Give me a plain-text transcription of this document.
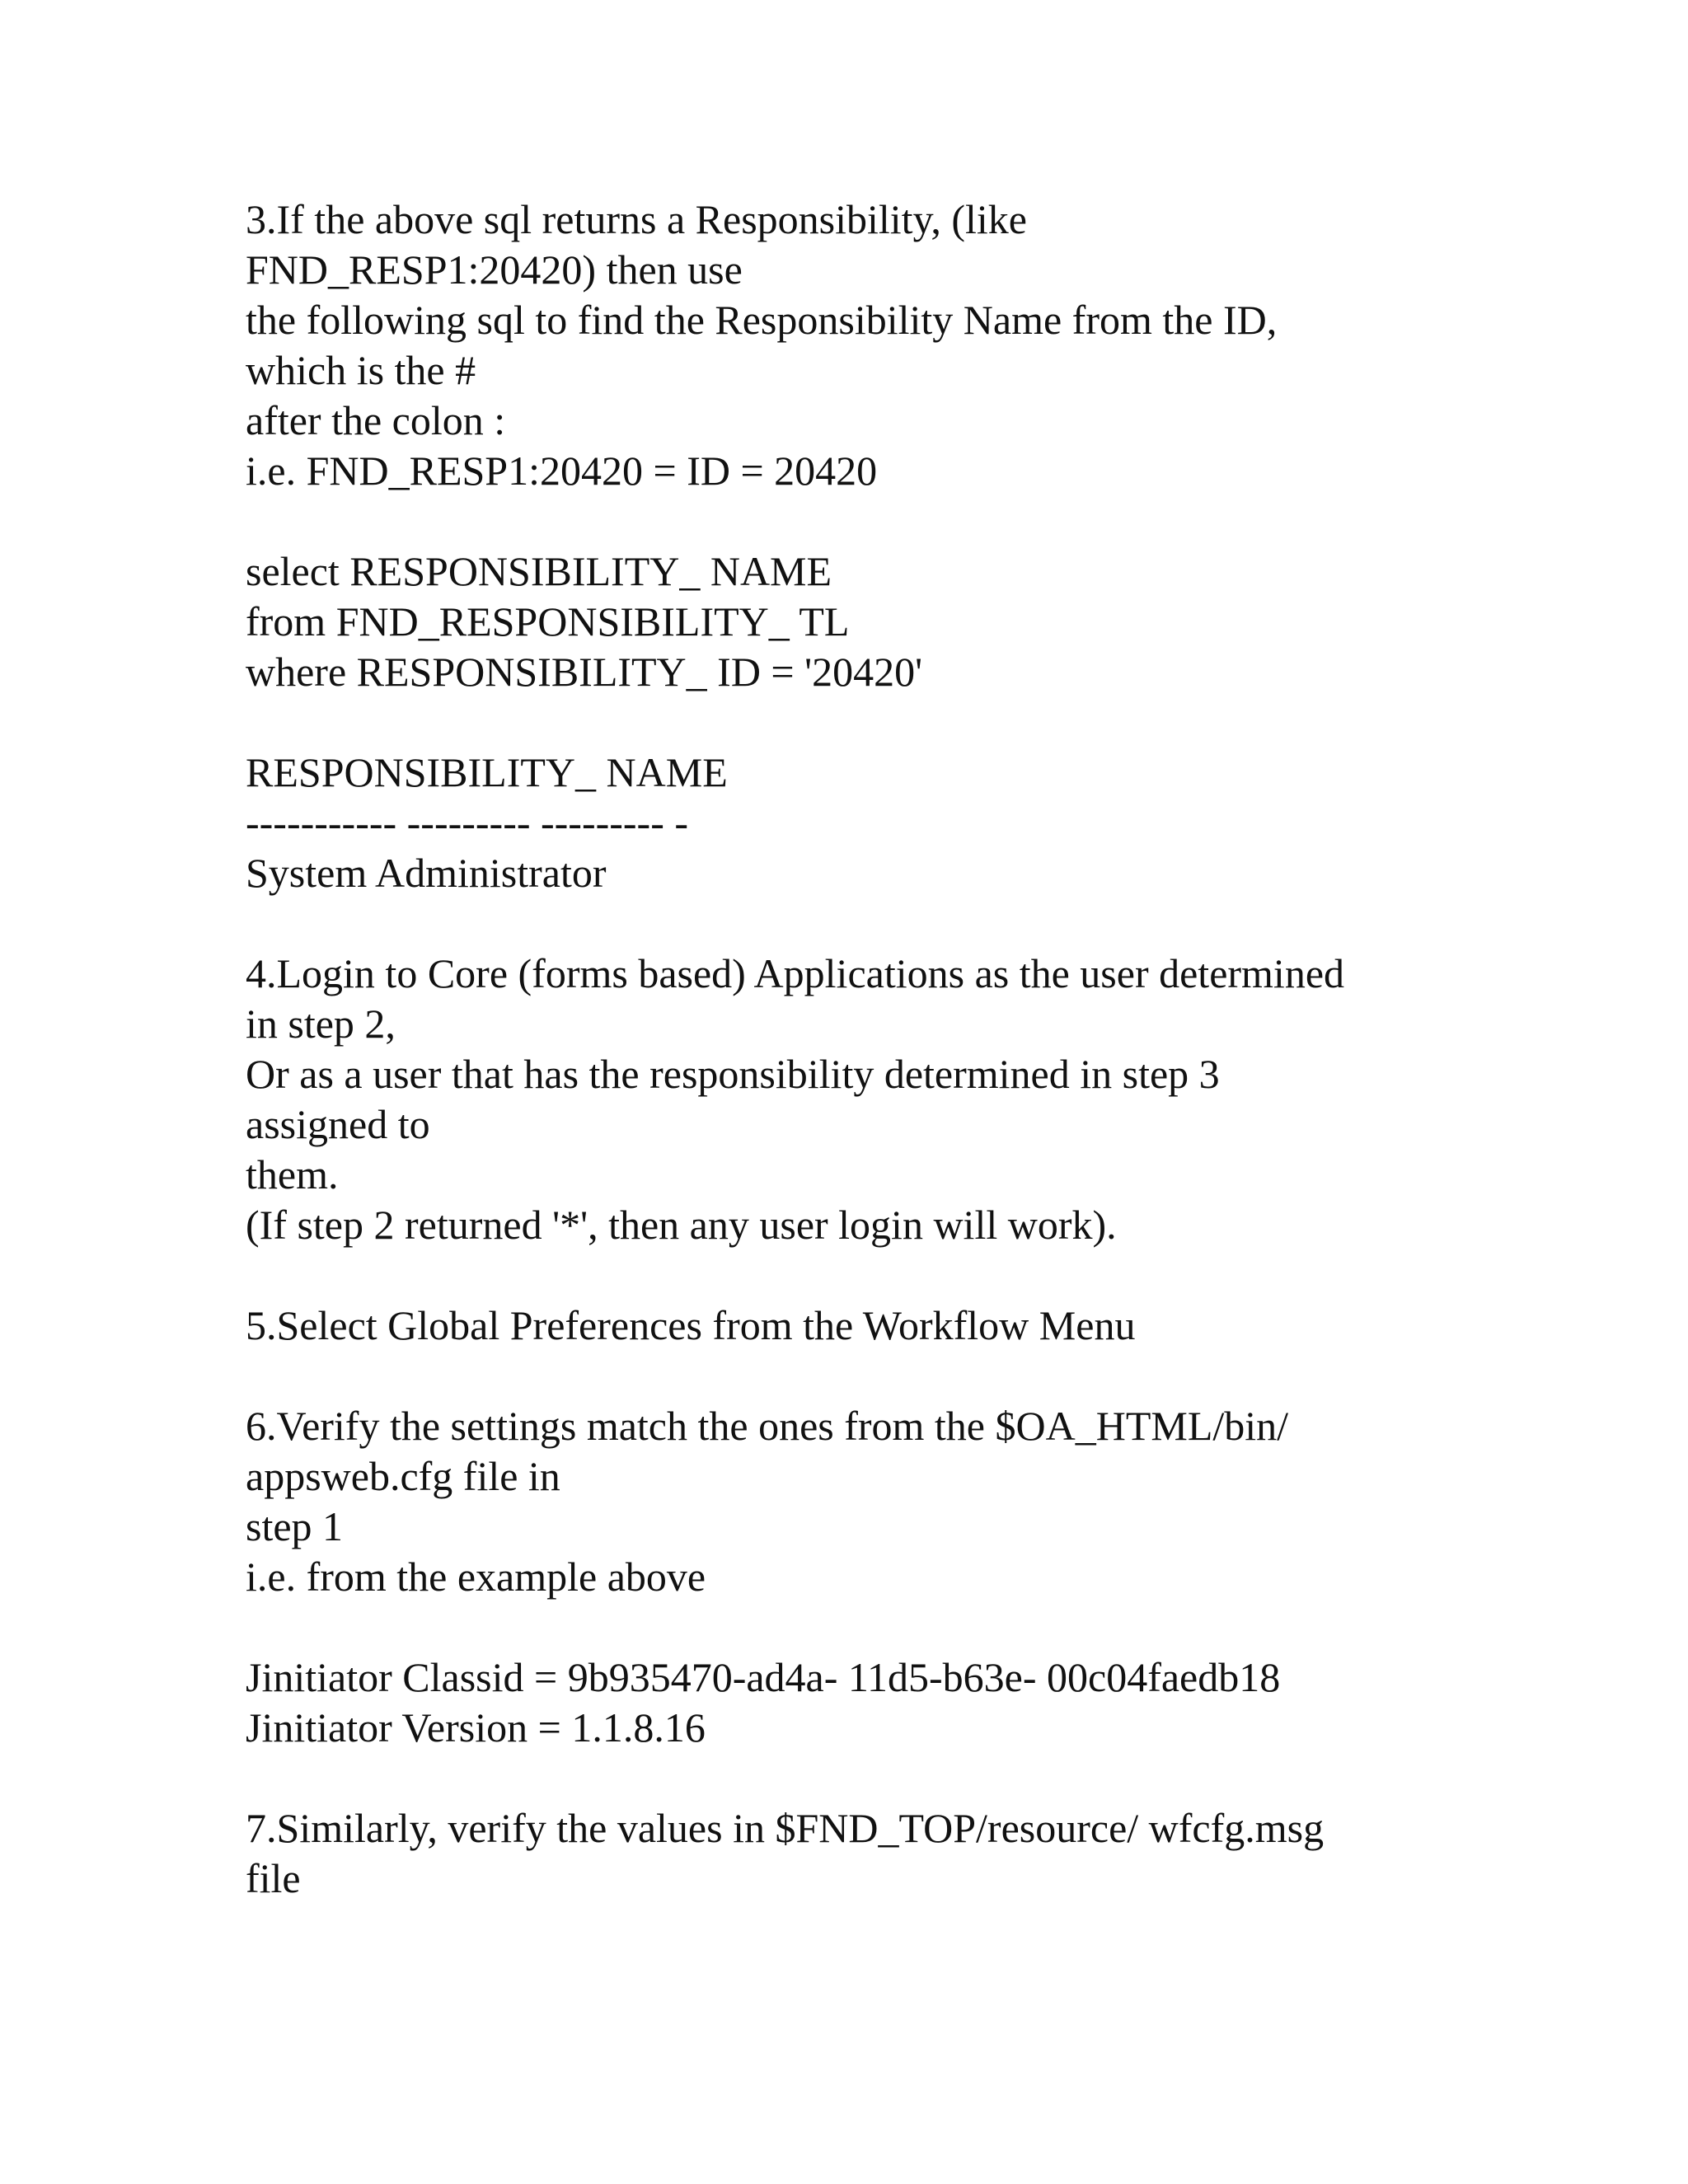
3.If the above sql returns a Responsibility, (like
FND_RESP1:20420) then use
the following sql to find the Responsibility Name from the ID,
which is the #
after the colon :
i.e. FND_RESP1:20420 = ID = 20420
select RESPONSIBILITY_ NAME
from FND_RESPONSIBILITY_ TL
where RESPONSIBILITY_ ID = '20420'
RESPONSIBILITY_ NAME
----------- --------- --------- -
System Administrator
4.Login to Core (forms based) Applications as the user determined
in step 2,
Or as a user that has the responsibility determined in step 3
assigned to
them.
(If step 2 returned '*', then any user login will work).
5.Select Global Preferences from the Workflow Menu
6.Verify the settings match the ones from the $OA_HTML/bin/
appsweb.cfg file in
step 1
i.e. from the example above
Jinitiator Classid = 9b935470-ad4a- 11d5-b63e- 00c04faedb18
Jinitiator Version = 1.1.8.16
7.Similarly, verify the values in $FND_TOP/resource/ wfcfg.msg
file
